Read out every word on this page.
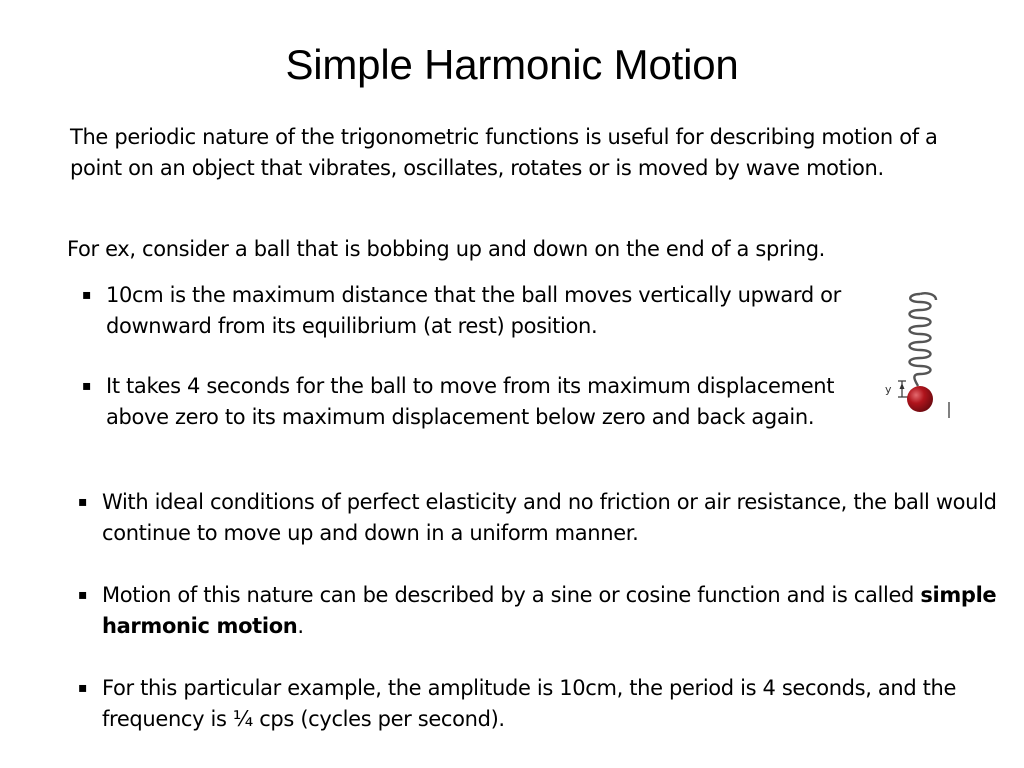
Simple Harmonic Motion

The periodic nature of the trigonometric functions is useful for describing motion of a point on an object that vibrates, oscillates, rotates or is moved by wave motion.

For ex, consider a ball that is bobbing up and down on the end of a spring.

▪ 10cm is the maximum distance that the ball moves vertically upward or downward from its equilibrium (at rest) position.
▪ It takes 4 seconds for the ball to move from its maximum displacement above zero to its maximum displacement below zero and back again.
▪ With ideal conditions of perfect elasticity and no friction or air resistance, the ball would continue to move up and down in a uniform manner.
▪ Motion of this nature can be described by a sine or cosine function and is called simple harmonic motion.
▪ For this particular example, the amplitude is 10cm, the period is 4 seconds, and the frequency is ¼ cps (cycles per second).
y
